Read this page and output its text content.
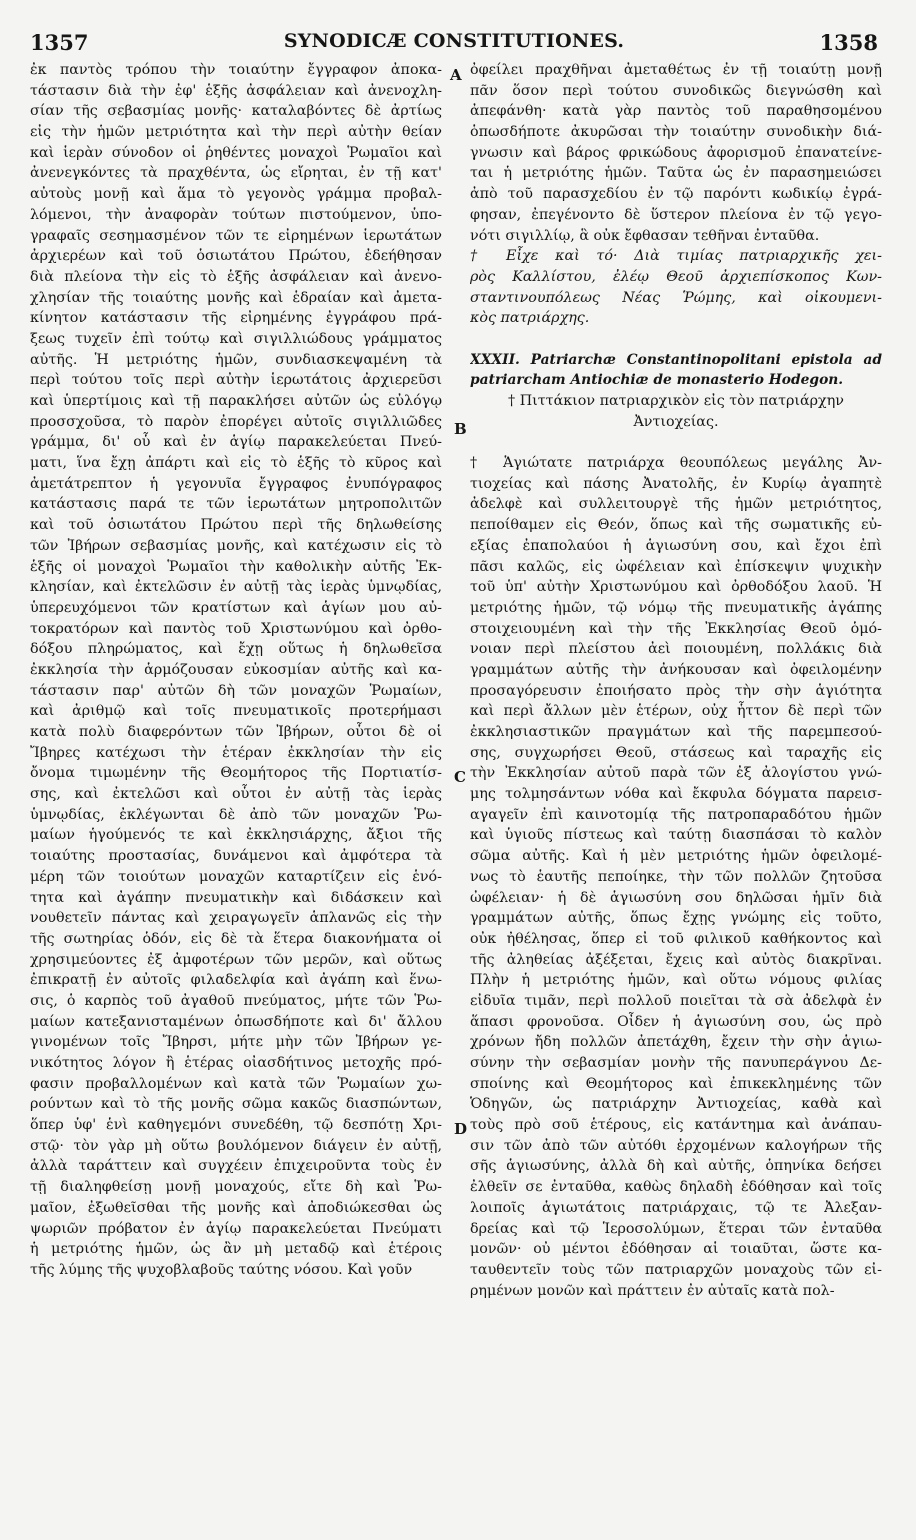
1357	SYNODICÆ CONSTITUTIONES.	1358
ἐκ παντὸς τρόπου τὴν τοιαύτην ἔγγραφον ἀποκα-
τάστασιν διὰ τὴν ἐφ' ἑξῆς ἀσφάλειαν καὶ ἀνενοχλη-
σίαν τῆς σεβασμίας μονῆς· καταλαβόντες δὲ ἀρτίως
εἰς τὴν ἡμῶν μετριότητα καὶ τὴν περὶ αὐτὴν θείαν
καὶ ἱερὰν σύνοδον οἱ ῥηθέντες μοναχοὶ Ῥωμαῖοι καὶ
ἀνενεγκόντες τὰ πραχθέντα, ὡς εἴρηται, ἐν τῇ κατ'
αὐτοὺς μονῇ καὶ ἅμα τὸ γεγονὸς γράμμα προβαλ-
λόμενοι, τὴν ἀναφορὰν τούτων πιστούμενον, ὑπο-
γραφαῖς σεσημασμένον τῶν τε εἰρημένων ἱερωτάτων
ἀρχιερέων καὶ τοῦ ὁσιωτάτου Πρώτου, ἐδεήθησαν
διὰ πλείονα τὴν εἰς τὸ ἑξῆς ἀσφάλειαν καὶ ἀνενο-
χλησίαν τῆς τοιαύτης μονῆς καὶ ἑδραίαν καὶ ἀμετα-
κίνητον κατάστασιν τῆς εἰρημένης ἐγγράφου πρά-
ξεως τυχεῖν ἐπὶ τούτῳ καὶ σιγιλλιώδους γράμματος
αὐτῆς. Ἡ μετριότης ἡμῶν, συνδιασκεψαμένη τὰ
περὶ τούτου τοῖς περὶ αὐτὴν ἱερωτάτοις ἀρχιερεῦσι
καὶ ὑπερτίμοις καὶ τῇ παρακλήσει αὐτῶν ὡς εὐλόγῳ
προσσχοῦσα, τὸ παρὸν ἐπορέγει αὐτοῖς σιγιλλιῶδες
γράμμα, δι' οὗ καὶ ἐν ἁγίῳ παρακελεύεται Πνεύ-
ματι, ἵνα ἔχῃ ἀπάρτι καὶ εἰς τὸ ἑξῆς τὸ κῦρος καὶ
ἀμετάτρεπτον ἡ γεγονυῖα ἔγγραφος ἐνυπόγραφος
κατάστασις παρά τε τῶν ἱερωτάτων μητροπολιτῶν
καὶ τοῦ ὁσιωτάτου Πρώτου περὶ τῆς δηλωθείσης
τῶν Ἰβήρων σεβασμίας μονῆς, καὶ κατέχωσιν εἰς τὸ
ἑξῆς οἱ μοναχοὶ Ῥωμαῖοι τὴν καθολικὴν αὐτῆς Ἐκ-
κλησίαν, καὶ ἐκτελῶσιν ἐν αὐτῇ τὰς ἱερὰς ὑμνῳδίας,
ὑπερευχόμενοι τῶν κρατίστων καὶ ἁγίων μου αὐ-
τοκρατόρων καὶ παντὸς τοῦ Χριστωνύμου καὶ ὀρθο-
δόξου πληρώματος, καὶ ἔχῃ οὕτως ἡ δηλωθεῖσα
ἐκκλησία τὴν ἁρμόζουσαν εὐκοσμίαν αὐτῆς καὶ κα-
τάστασιν παρ' αὐτῶν δὴ τῶν μοναχῶν Ῥωμαίων,
καὶ ἀριθμῷ καὶ τοῖς πνευματικοῖς προτερήμασι
κατὰ πολὺ διαφερόντων τῶν Ἰβήρων, οὗτοι δὲ οἱ
Ἴβηρες κατέχωσι τὴν ἑτέραν ἐκκλησίαν τὴν εἰς
ὄνομα τιμωμένην τῆς Θεομήτορος τῆς Πορτιατίσ-
σης, καὶ ἐκτελῶσι καὶ οὗτοι ἐν αὐτῇ τὰς ἱερὰς
ὑμνῳδίας, ἐκλέγωνται δὲ ἀπὸ τῶν μοναχῶν Ῥω-
μαίων ἡγούμενός τε καὶ ἐκκλησιάρχης, ἄξιοι τῆς
τοιαύτης προστασίας, δυνάμενοι καὶ ἀμφότερα τὰ
μέρη τῶν τοιούτων μοναχῶν καταρτίζειν εἰς ἑνό-
τητα καὶ ἀγάπην πνευματικὴν καὶ διδάσκειν καὶ
νουθετεῖν πάντας καὶ χειραγωγεῖν ἁπλανῶς εἰς τὴν
τῆς σωτηρίας ὁδόν, εἰς δὲ τὰ ἕτερα διακονήματα οἱ
χρησιμεύοντες ἐξ ἀμφοτέρων τῶν μερῶν, καὶ οὕτως
ἐπικρατῇ ἐν αὐτοῖς φιλαδελφία καὶ ἀγάπη καὶ ἕνω-
σις, ὁ καρπὸς τοῦ ἀγαθοῦ πνεύματος, μήτε τῶν Ῥω-
μαίων κατεξανισταμένων ὁπωσδήποτε καὶ δι' ἄλλου
γινομένων τοῖς Ἴβηρσι, μήτε μὴν τῶν Ἰβήρων γε-
νικότητος λόγον ἢ ἑτέρας οἰασδήτινος μετοχῆς πρό-
φασιν προβαλλομένων καὶ κατὰ τῶν Ῥωμαίων χω-
ρούντων καὶ τὸ τῆς μονῆς σῶμα κακῶς διασπώντων,
ὅπερ ὑφ' ἑνὶ καθηγεμόνι συνεδέθη, τῷ δεσπότῃ Χρι-
στῷ· τὸν γὰρ μὴ οὕτω βουλόμενον διάγειν ἐν αὐτῇ,
ἀλλὰ ταράττειν καὶ συγχέειν ἐπιχειροῦντα τοὺς ἐν
τῇ διαληφθείσῃ μονῇ μοναχούς, εἴτε δὴ καὶ Ῥω-
μαῖον, ἐξωθεῖσθαι τῆς μονῆς καὶ ἀποδιώκεσθαι ὡς
ψωριῶν πρόβατον ἐν ἁγίῳ παρακελεύεται Πνεύματι
ἡ μετριότης ἡμῶν, ὡς ἂν μὴ μεταδῷ καὶ ἑτέροις
τῆς λύμης τῆς ψυχοβλαβοῦς ταύτης νόσου. Καὶ γοῦν
ὀφείλει πραχθῆναι ἀμεταθέτως ἐν τῇ τοιαύτῃ μονῇ
πᾶν ὅσον περὶ τούτου συνοδικῶς διεγνώσθη καὶ
ἀπεφάνθη· κατὰ γὰρ παντὸς τοῦ παραθησομένου
ὁπωσδήποτε ἀκυρῶσαι τὴν τοιαύτην συνοδικὴν διά-
γνωσιν καὶ βάρος φρικώδους ἀφορισμοῦ ἐπανατείνε-
ται ἡ μετριότης ἡμῶν. Ταῦτα ὡς ἐν παρασημειώσει
ἀπὸ τοῦ παρασχεδίου ἐν τῷ παρόντι κωδικίῳ ἐγρά-
φησαν, ἐπεγένοντο δὲ ὕστερον πλείονα ἐν τῷ γεγο-
νότι σιγιλλίῳ, ἃ οὐκ ἔφθασαν τεθῆναι ἐνταῦθα.
† Εἶχε καὶ τό· Διὰ τιμίας πατριαρχικῆς χει-
ρὸς Καλλίστου, ἐλέῳ Θεοῦ ἀρχιεπίσκοπος Κων-
σταντινουπόλεως Νέας Ῥώμης, καὶ οἰκουμενι-
κὸς πατριάρχης.
XXXII. Patriarchæ Constantinopolitani epistola ad
patriarcham Antiochiæ de monasterio Hodegon.
† Πιττάκιον πατριαρχικὸν εἰς τὸν πατριάρχην
Ἀντιοχείας.
† Ἁγιώτατε πατριάρχα θεουπόλεως μεγάλης Ἀν-
τιοχείας καὶ πάσης Ἀνατολῆς, ἐν Κυρίῳ ἀγαπητὲ
ἀδελφὲ καὶ συλλειτουργὲ τῆς ἡμῶν μετριότητος,
πεποίθαμεν εἰς Θεόν, ὅπως καὶ τῆς σωματικῆς εὐ-
εξίας ἐπαπολαύοι ἡ ἁγιωσύνη σου, καὶ ἔχοι ἐπὶ
πᾶσι καλῶς, εἰς ὠφέλειαν καὶ ἐπίσκεψιν ψυχικὴν
τοῦ ὑπ' αὐτὴν Χριστωνύμου καὶ ὀρθοδόξου λαοῦ. Ἡ
μετριότης ἡμῶν, τῷ νόμῳ τῆς πνευματικῆς ἀγάπης
στοιχειουμένη καὶ τὴν τῆς Ἐκκλησίας Θεοῦ ὁμό-
νοιαν περὶ πλείστου ἀεὶ ποιουμένη, πολλάκις διὰ
γραμμάτων αὐτῆς τὴν ἀνήκουσαν καὶ ὀφειλομένην
προσαγόρευσιν ἐποιήσατο πρὸς τὴν σὴν ἁγιότητα
καὶ περὶ ἄλλων μὲν ἑτέρων, οὐχ ἧττον δὲ περὶ τῶν
ἐκκλησιαστικῶν πραγμάτων καὶ τῆς παρεμπεσού-
σης, συγχωρήσει Θεοῦ, στάσεως καὶ ταραχῆς εἰς
τὴν Ἐκκλησίαν αὐτοῦ παρὰ τῶν ἐξ ἀλογίστου γνώ-
μης τολμησάντων νόθα καὶ ἔκφυλα δόγματα παρεισ-
αγαγεῖν ἐπὶ καινοτομίᾳ τῆς πατροπαραδότου ἡμῶν
καὶ ὑγιοῦς πίστεως καὶ ταύτῃ διασπάσαι τὸ καλὸν
σῶμα αὐτῆς. Καὶ ἡ μὲν μετριότης ἡμῶν ὀφειλομέ-
νως τὸ ἑαυτῆς πεποίηκε, τὴν τῶν πολλῶν ζητοῦσα
ὠφέλειαν· ἡ δὲ ἁγιωσύνη σου δηλῶσαι ἡμῖν διὰ
γραμμάτων αὐτῆς, ὅπως ἔχῃς γνώμης εἰς τοῦτο,
οὐκ ἠθέλησας, ὅπερ εἰ τοῦ φιλικοῦ καθήκοντος καὶ
τῆς ἀληθείας ἀξέξεται, ἔχεις καὶ αὐτὸς διακρῖναι.
Πλὴν ἡ μετριότης ἡμῶν, καὶ οὕτω νόμους φιλίας
εἰδυῖα τιμᾶν, περὶ πολλοῦ ποιεῖται τὰ σὰ ἀδελφὰ ἐν
ἅπασι φρονοῦσα. Οἶδεν ἡ ἁγιωσύνη σου, ὡς πρὸ
χρόνων ἤδη πολλῶν ἀπετάχθη, ἔχειν τὴν σὴν ἁγιω-
σύνην τὴν σεβασμίαν μονὴν τῆς πανυπεράγνου Δε-
σποίνης καὶ Θεομήτορος καὶ ἐπικεκλημένης τῶν
Ὁδηγῶν, ὡς πατριάρχην Ἀντιοχείας, καθὰ καὶ
τοὺς πρὸ σοῦ ἑτέρους, εἰς κατάντημα καὶ ἀνάπαυ-
σιν τῶν ἀπὸ τῶν αὐτόθι ἐρχομένων καλογήρων τῆς
σῆς ἁγιωσύνης, ἀλλὰ δὴ καὶ αὐτῆς, ὁπηνίκα δεήσει
ἐλθεῖν σε ἐνταῦθα, καθὼς δηλαδὴ ἐδόθησαν καὶ τοῖς
λοιποῖς ἁγιωτάτοις πατριάρχαις, τῷ τε Ἀλεξαν-
δρείας καὶ τῷ Ἱεροσολύμων, ἕτεραι τῶν ἐνταῦθα
μονῶν· οὐ μέντοι ἐδόθησαν αἱ τοιαῦται, ὥστε κα-
ταυθεντεῖν τοὺς τῶν πατριαρχῶν μοναχοὺς τῶν εἰ-
ρημένων μονῶν καὶ πράττειν ἐν αὐταῖς κατὰ πολ-
A
B
C
D
